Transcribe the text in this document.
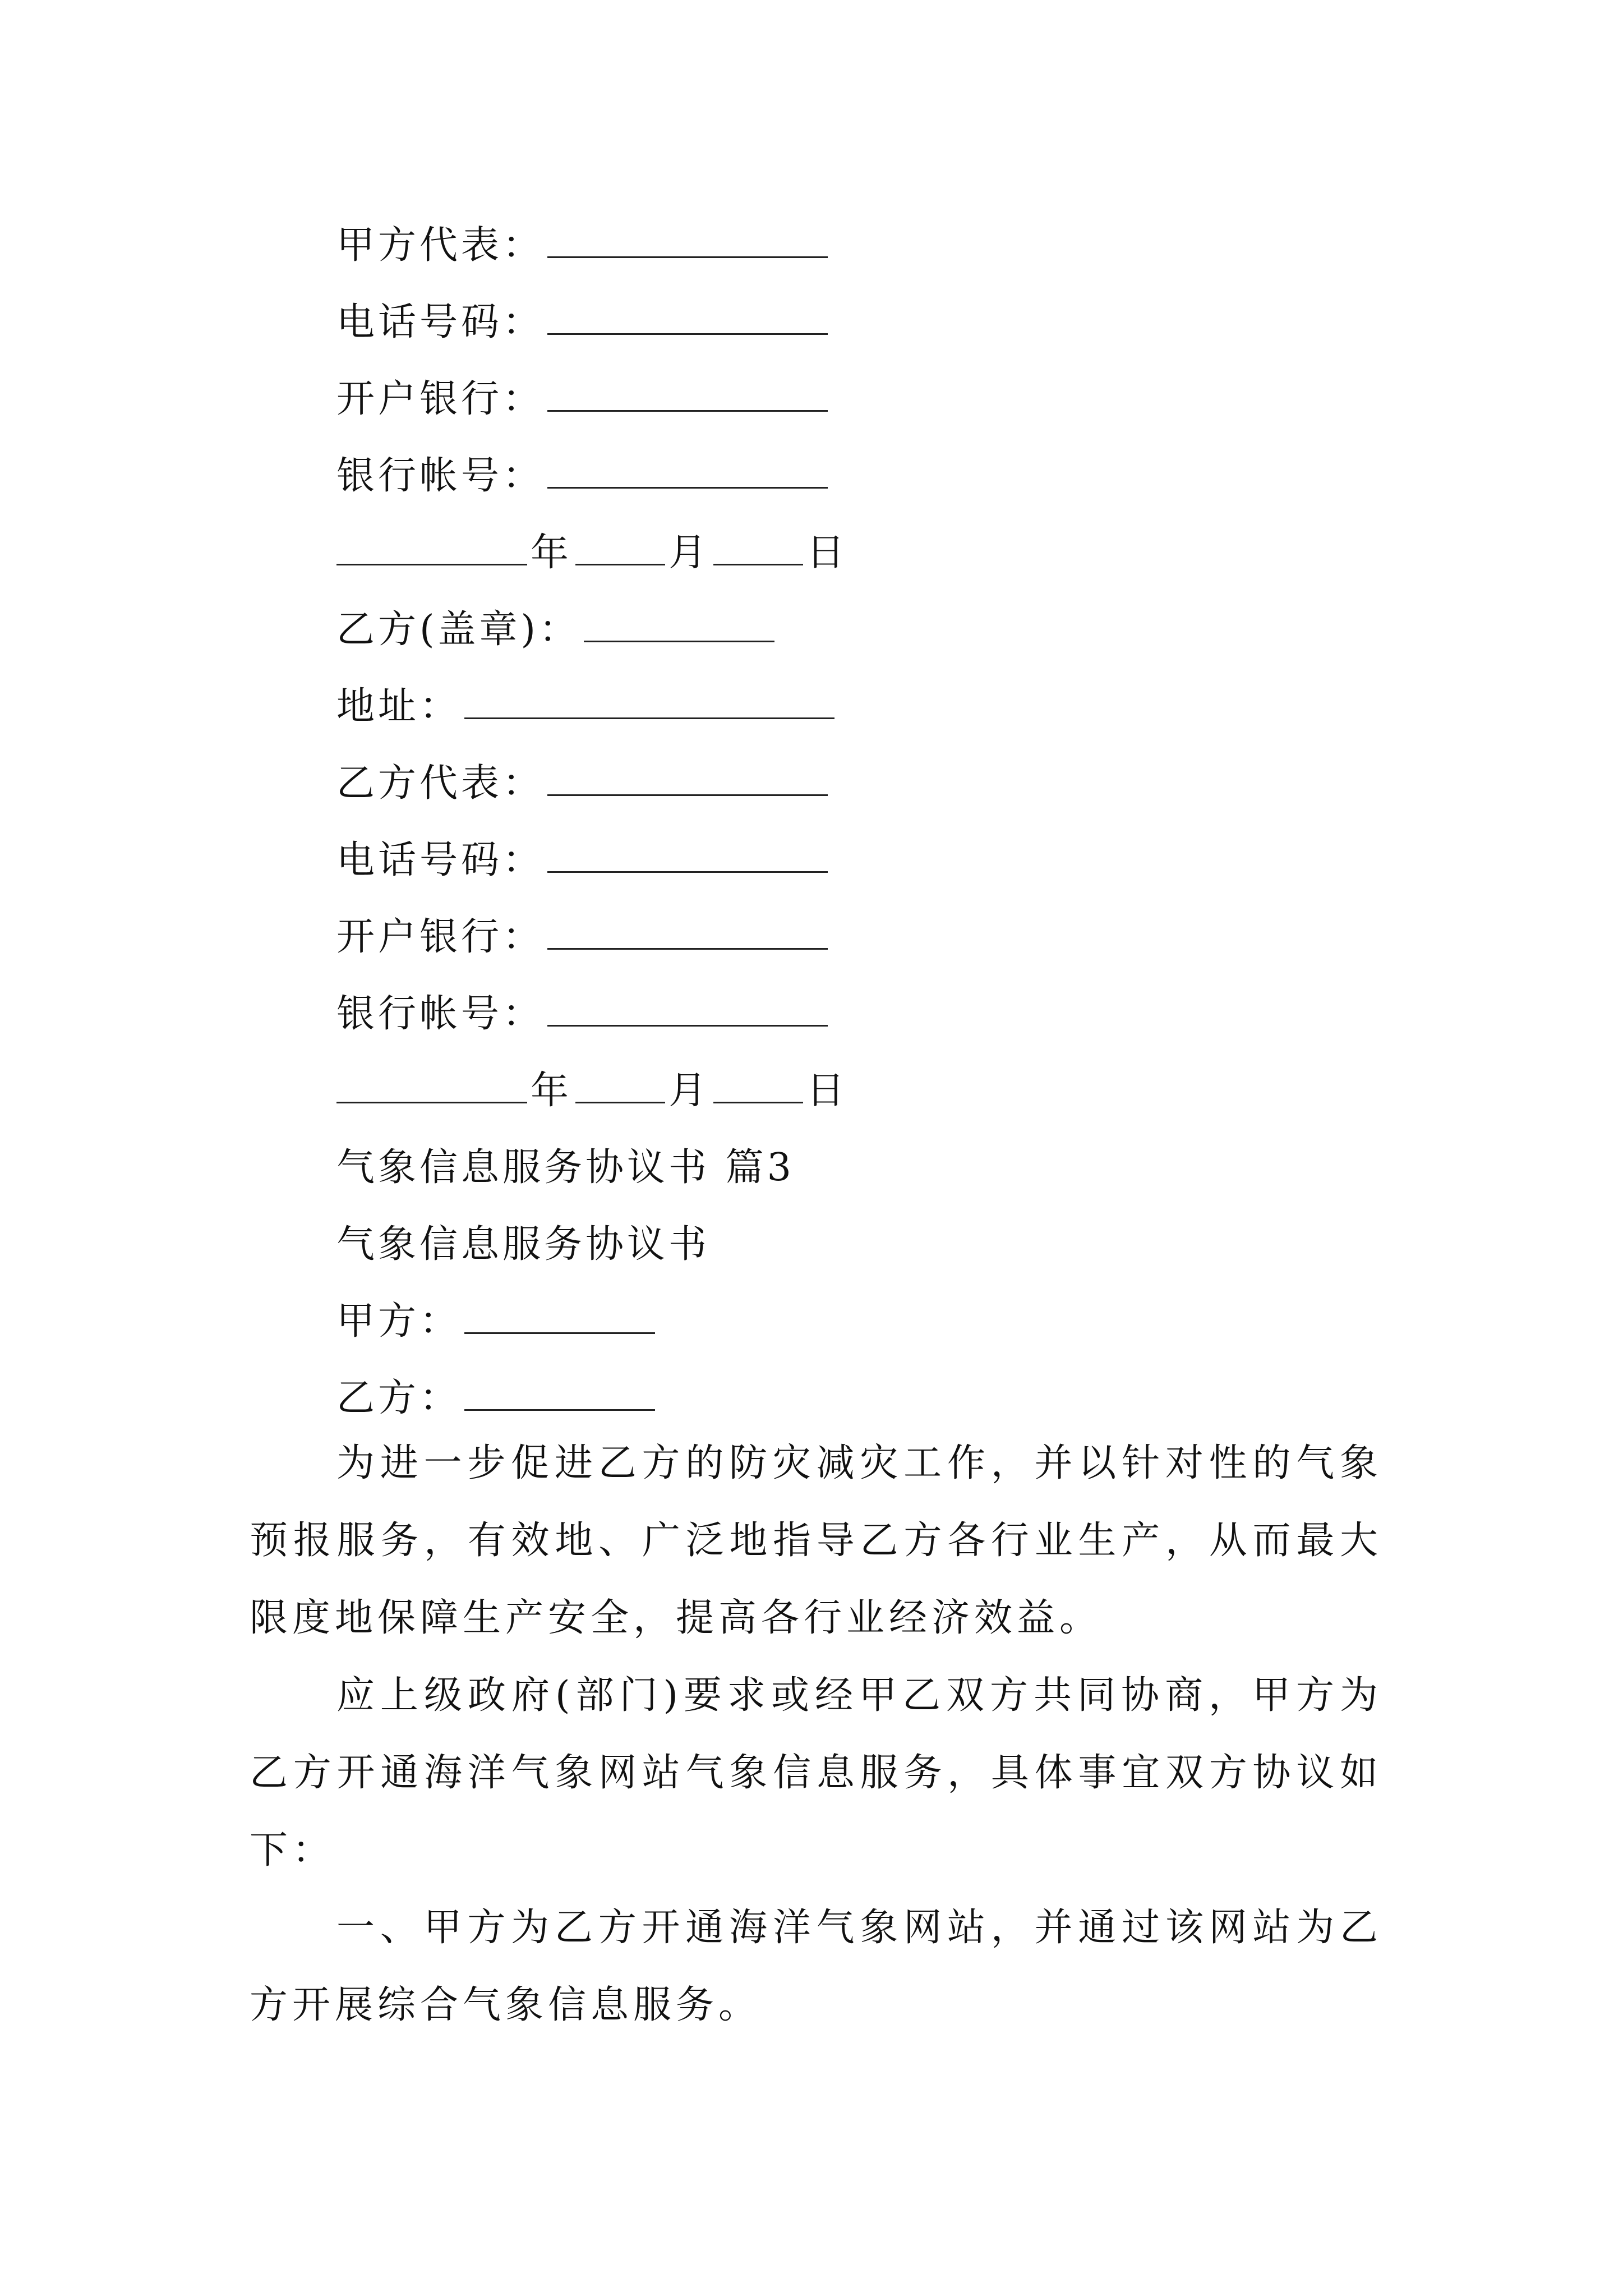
甲方代表：
电话号码：
开户银行：
银行帐号：
年	月	日
乙方(盖章)：
地址：
乙方代表：
电话号码：
开户银行：
银行帐号：
年	月	日
气象信息服务协议书 篇3
气象信息服务协议书
甲方：
乙方：

为进一步促进乙方的防灾减灾工作，并以针对性的气象预报服务，有效地、广泛地指导乙方各行业生产，从而最大限度地保障生产安全，提高各行业经济效益。

应上级政府(部门)要求或经甲乙双方共同协商，甲方为乙方开通海洋气象网站气象信息服务，具体事宜双方协议如下：

一、甲方为乙方开通海洋气象网站，并通过该网站为乙方开展综合气象信息服务。
